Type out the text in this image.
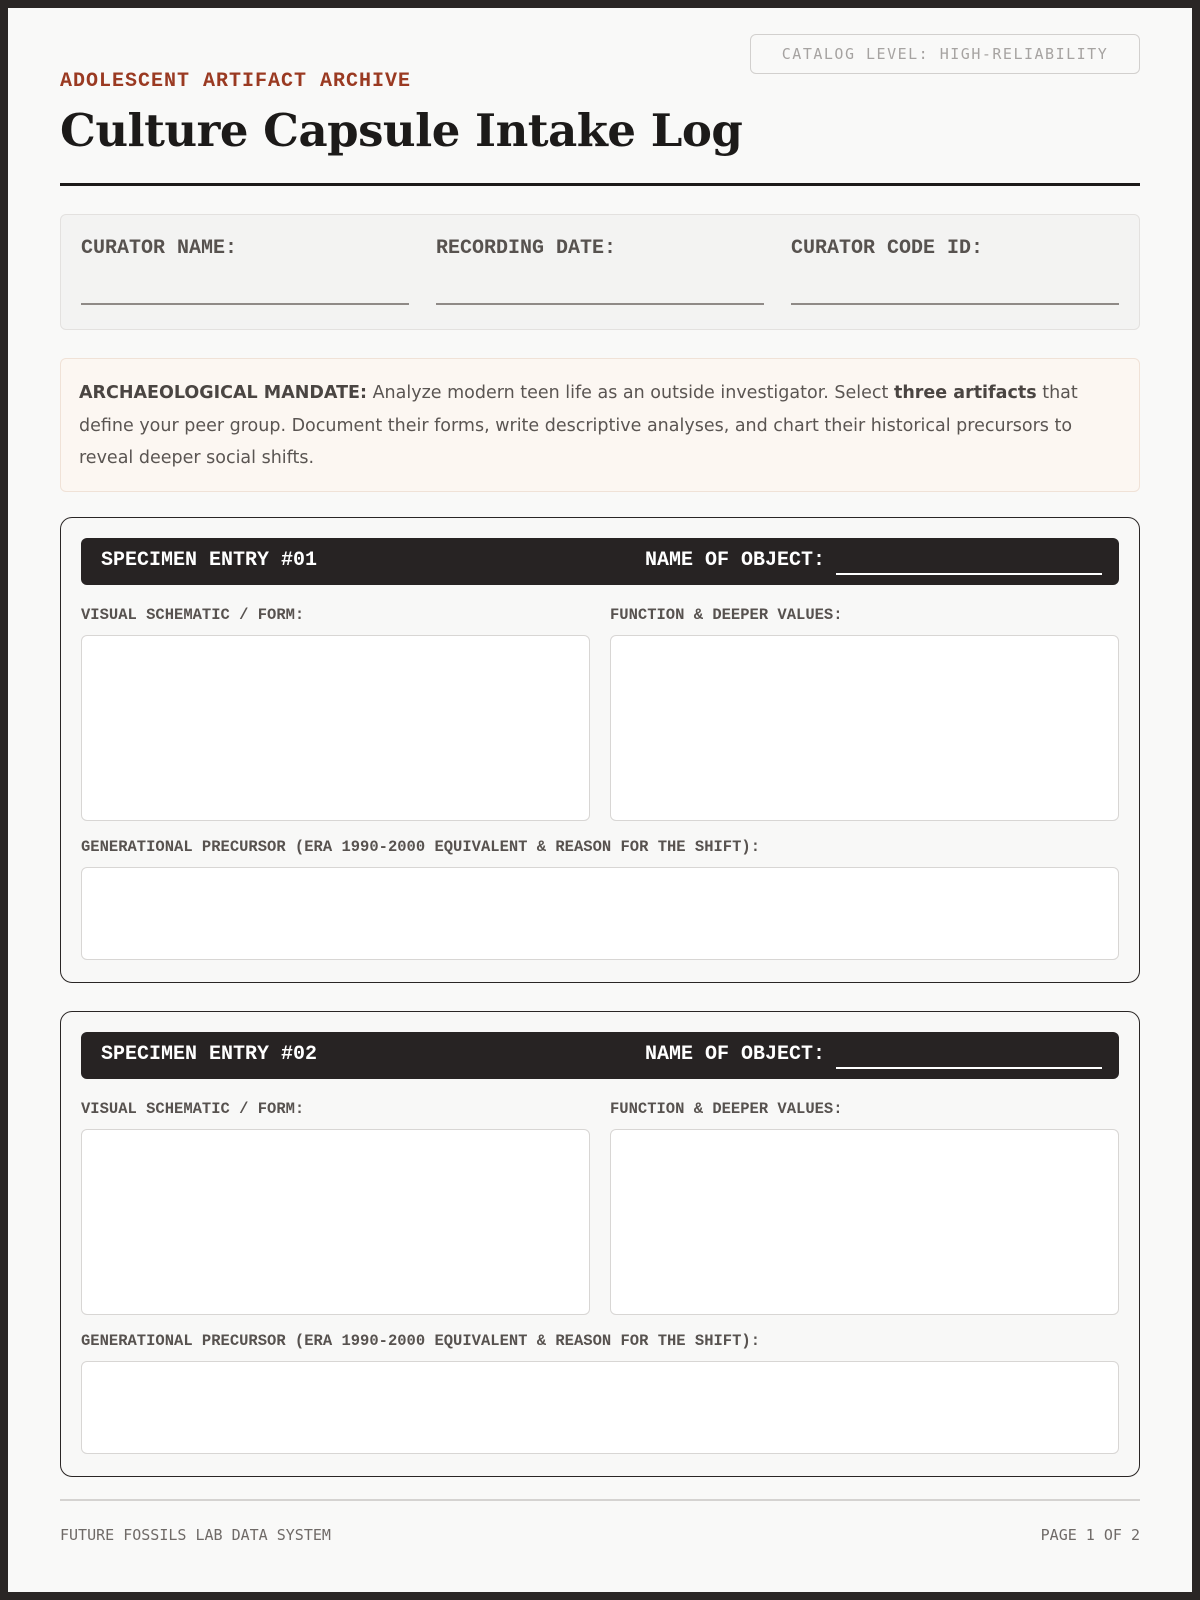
CATALOG LEVEL: HIGH-RELIABILITY
ADOLESCENT ARTIFACT ARCHIVE
Culture Capsule Intake Log
CURATOR NAME:	RECORDING DATE:	CURATOR CODE ID:
ARCHAEOLOGICAL MANDATE: Analyze modern teen life as an outside investigator. Select three artifacts that define your peer group. Document their forms, write descriptive analyses, and chart their historical precursors to reveal deeper social shifts.
SPECIMEN ENTRY #01	NAME OF OBJECT:
VISUAL SCHEMATIC / FORM:	FUNCTION & DEEPER VALUES:
GENERATIONAL PRECURSOR (ERA 1990-2000 EQUIVALENT & REASON FOR THE SHIFT):
SPECIMEN ENTRY #02	NAME OF OBJECT:
VISUAL SCHEMATIC / FORM:	FUNCTION & DEEPER VALUES:
GENERATIONAL PRECURSOR (ERA 1990-2000 EQUIVALENT & REASON FOR THE SHIFT):
FUTURE FOSSILS LAB DATA SYSTEM	PAGE 1 OF 2
